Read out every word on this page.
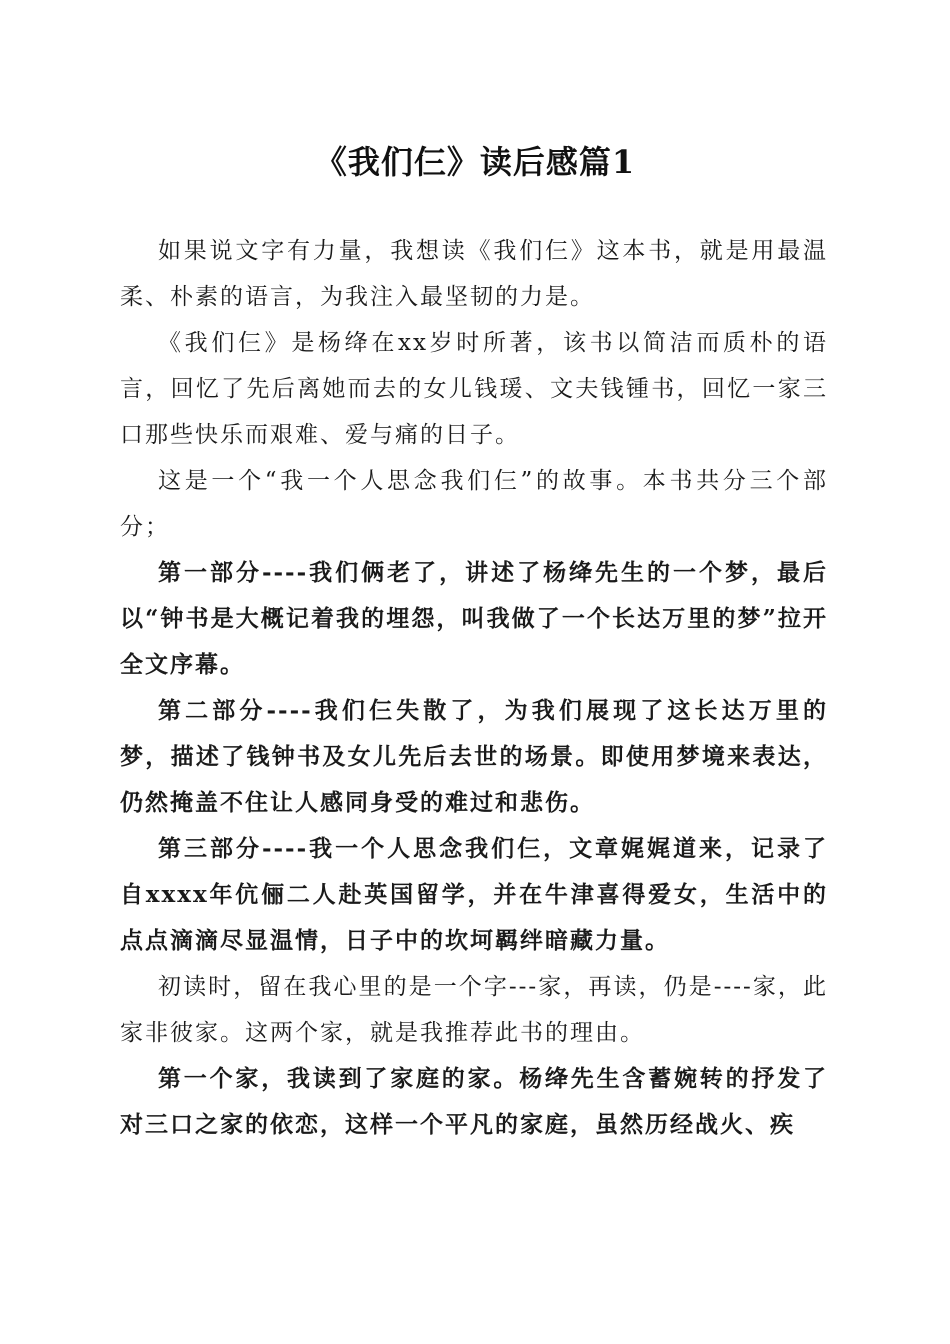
《我们仨》读后感篇1

如果说文字有力量，我想读《我们仨》这本书，就是用最温柔、朴素的语言，为我注入最坚韧的力是。

《我们仨》是杨绛在xx岁时所著，该书以简洁而质朴的语言，回忆了先后离她而去的女儿钱瑗、文夫钱锺书，回忆一家三口那些快乐而艰难、爱与痛的日子。

这是一个“我一个人思念我们仨”的故事。本书共分三个部分；

第一部分----我们俩老了，讲述了杨绛先生的一个梦，最后以“钟书是大概记着我的埋怨，叫我做了一个长达万里的梦”拉开全文序幕。

第二部分----我们仨失散了，为我们展现了这长达万里的梦，描述了钱钟书及女儿先后去世的场景。即使用梦境来表达，仍然掩盖不住让人感同身受的难过和悲伤。

第三部分----我一个人思念我们仨，文章娓娓道来，记录了自xxxx年伉俪二人赴英国留学，并在牛津喜得爱女，生活中的点点滴滴尽显温情，日子中的坎坷羁绊暗藏力量。

初读时，留在我心里的是一个字---家，再读，仍是----家，此家非彼家。这两个家，就是我推荐此书的理由。

第一个家，我读到了家庭的家。杨绛先生含蓄婉转的抒发了对三口之家的依恋，这样一个平凡的家庭，虽然历经战火、疾
